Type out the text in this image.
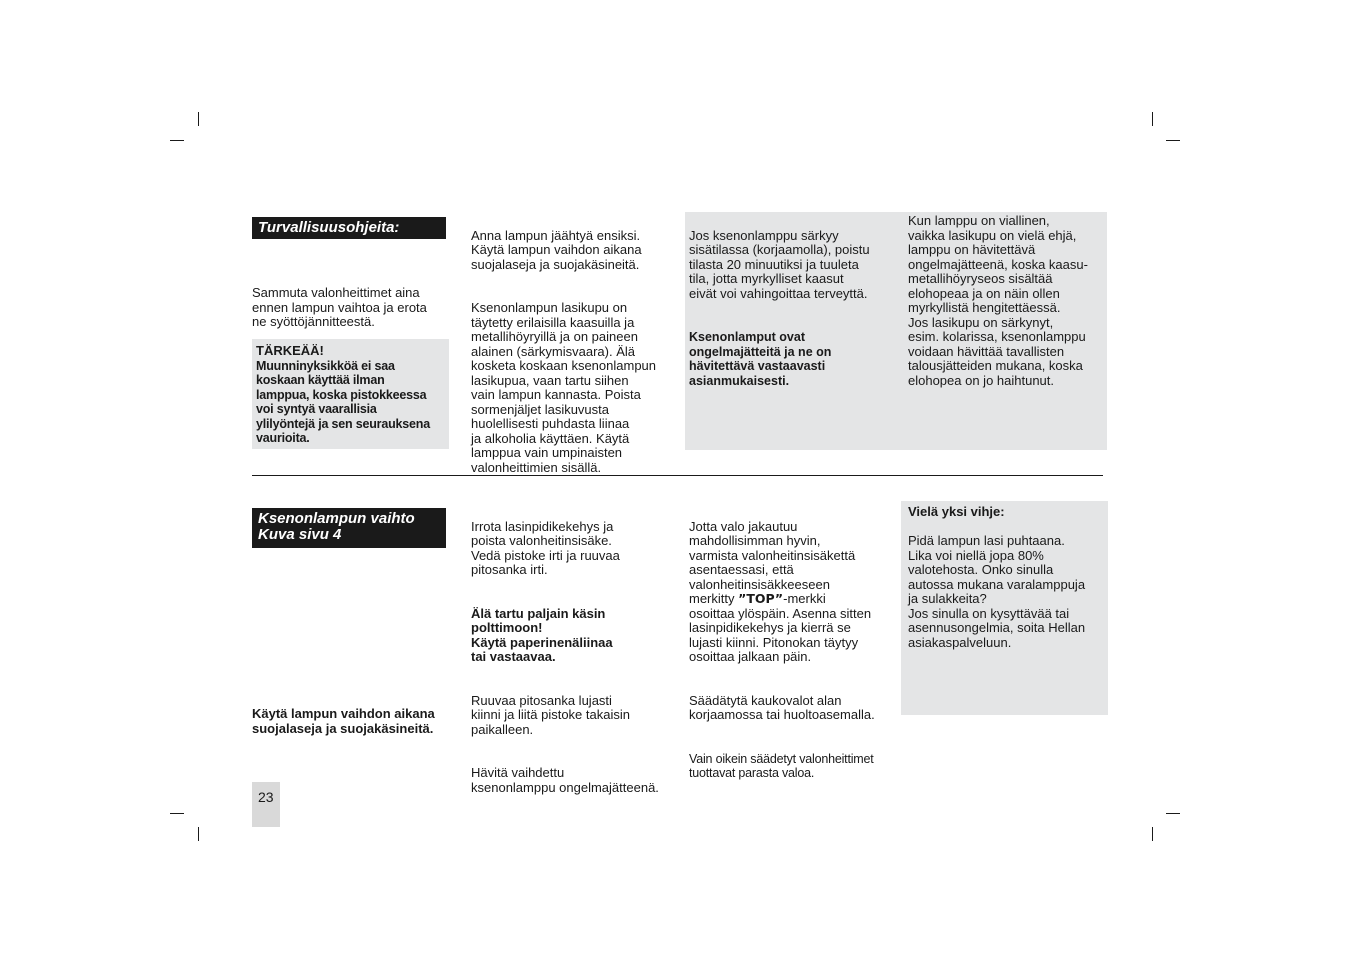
Turvallisuusohjeita:
Sammuta valonheittimet aina
ennen lampun vaihtoa ja erota
ne syöttöjännitteestä.
TÄRKEÄÄ!
Muunninyksikköä ei saa
koskaan käyttää ilman
lamppua, koska pistokkeessa
voi syntyä vaarallisia
ylilyöntejä ja sen seurauksena
vaurioita.

Anna lampun jäähtyä ensiksi.
Käytä lampun vaihdon aikana
suojalaseja ja suojakäsineitä.

Ksenonlampun lasikupu on
täytetty erilaisilla kaasuilla ja
metallihöyryillä ja on paineen
alainen (särkymisvaara). Älä
kosketa koskaan ksenonlampun
lasikupua, vaan tartu siihen
vain lampun kannasta. Poista
sormenjäljet lasikuvusta
huolellisesti puhdasta liinaa
ja alkoholia käyttäen. Käytä
lamppua vain umpinaisten
valonheittimien sisällä.

Jos ksenonlamppu särkyy
sisätilassa (korjaamolla), poistu
tilasta 20 minuutiksi ja tuuleta
tila, jotta myrkylliset kaasut
eivät voi vahingoittaa terveyttä.

Ksenonlamput ovat
ongelmajätteitä ja ne on
hävitettävä vastaavasti
asianmukaisesti.

Kun lamppu on viallinen,
vaikka lasikupu on vielä ehjä,
lamppu on hävitettävä
ongelmajätteenä, koska kaasu-
metallihöyryseos sisältää
elohopeaa ja on näin ollen
myrkyllistä hengitettäessä.
Jos lasikupu on särkynyt,
esim. kolarissa, ksenonlamppu
voidaan hävittää tavallisten
talousjätteiden mukana, koska
elohopea on jo haihtunut.
Ksenonlampun vaihto
Kuva sivu 4
Käytä lampun vaihdon aikana
suojalaseja ja suojakäsineitä.

Irrota lasinpidikekehys ja
poista valonheitinsisäke.
Vedä pistoke irti ja ruuvaa
pitosanka irti.

Älä tartu paljain käsin
polttimoon!
Käytä paperinenäliinaa
tai vastaavaa.

Ruuvaa pitosanka lujasti
kiinni ja liitä pistoke takaisin
paikalleen.

Hävitä vaihdettu
ksenonlamppu ongelmajätteenä.

Jotta valo jakautuu
mahdollisimman hyvin,
varmista valonheitinsisäkettä
asentaessasi, että
valonheitinsisäkkeeseen
merkitty ”TOP”-merkki
osoittaa ylöspäin. Asenna sitten
lasinpidikekehys ja kierrä se
lujasti kiinni. Pitonokan täytyy
osoittaa jalkaan päin.

Säädätytä kaukovalot alan
korjaamossa tai huoltoasemalla.

Vain oikein säädetyt valonheittimet
tuottavat parasta valoa.

Vielä yksi vihje:
Pidä lampun lasi puhtaana.
Lika voi niellä jopa 80%
valotehosta. Onko sinulla
autossa mukana varalamppuja
ja sulakkeita?
Jos sinulla on kysyttävää tai
asennusongelmia, soita Hellan
asiakaspalveluun.
23
